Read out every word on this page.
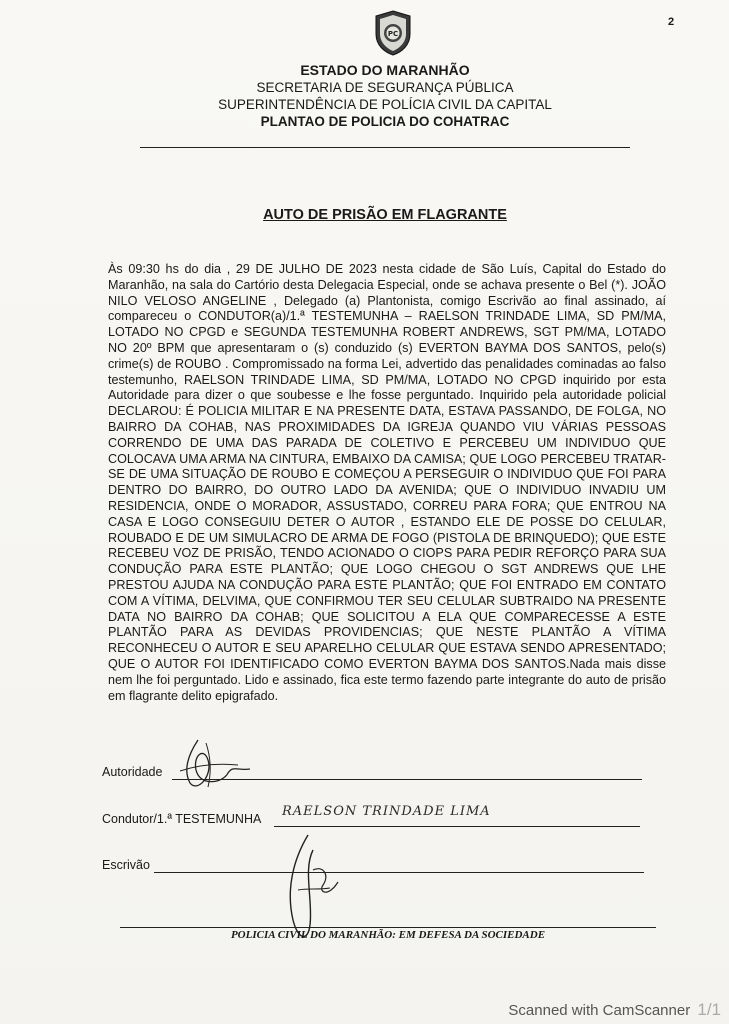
PC
2
ESTADO DO MARANHÃO
SECRETARIA DE SEGURANÇA PÚBLICA
SUPERINTENDÊNCIA DE POLÍCIA CIVIL DA CAPITAL
PLANTAO DE POLICIA DO COHATRAC
AUTO DE PRISÃO EM FLAGRANTE

Às 09:30 hs do dia , 29 DE JULHO DE 2023 nesta cidade de São Luís, Capital do Estado do Maranhão, na sala do Cartório desta Delegacia Especial, onde se achava presente o Bel (*). JOÃO NILO VELOSO ANGELINE , Delegado (a) Plantonista, comigo Escrivão ao final assinado, aí compareceu o CONDUTOR(a)/1.ª TESTEMUNHA – RAELSON TRINDADE LIMA, SD PM/MA, LOTADO NO CPGD e SEGUNDA TESTEMUNHA ROBERT ANDREWS, SGT PM/MA, LOTADO NO 20º BPM que apresentaram o (s) conduzido (s) EVERTON BAYMA DOS SANTOS, pelo(s) crime(s) de ROUBO . Compromissado na forma Lei, advertido das penalidades cominadas ao falso testemunho, RAELSON TRINDADE LIMA, SD PM/MA, LOTADO NO CPGD inquirido por esta Autoridade para dizer o que soubesse e lhe fosse perguntado. Inquirido pela autoridade policial DECLAROU: É POLICIA MILITAR E NA PRESENTE DATA, ESTAVA PASSANDO, DE FOLGA, NO BAIRRO DA COHAB, NAS PROXIMIDADES DA IGREJA QUANDO VIU VÁRIAS PESSOAS CORRENDO DE UMA DAS PARADA DE COLETIVO E PERCEBEU UM INDIVIDUO QUE COLOCAVA UMA ARMA NA CINTURA, EMBAIXO DA CAMISA; QUE LOGO PERCEBEU TRATAR-SE DE UMA SITUAÇÃO DE ROUBO E COMEÇOU A PERSEGUIR O INDIVIDUO QUE FOI PARA DENTRO DO BAIRRO, DO OUTRO LADO DA AVENIDA; QUE O INDIVIDUO INVADIU UM RESIDENCIA, ONDE O MORADOR, ASSUSTADO, CORREU PARA FORA; QUE ENTROU NA CASA E LOGO CONSEGUIU DETER O AUTOR , ESTANDO ELE DE POSSE DO CELULAR, ROUBADO E DE UM SIMULACRO DE ARMA DE FOGO (PISTOLA DE BRINQUEDO); QUE ESTE RECEBEU VOZ DE PRISÃO, TENDO ACIONADO O CIOPS PARA PEDIR REFORÇO PARA SUA CONDUÇÃO PARA ESTE PLANTÃO; QUE LOGO CHEGOU O SGT ANDREWS QUE LHE PRESTOU AJUDA NA CONDUÇÃO PARA ESTE PLANTÃO; QUE FOI ENTRADO EM CONTATO COM A VÍTIMA, DELVIMA, QUE CONFIRMOU TER SEU CELULAR SUBTRAIDO NA PRESENTE DATA NO BAIRRO DA COHAB; QUE SOLICITOU A ELA QUE COMPARECESSE A ESTE PLANTÃO PARA AS DEVIDAS PROVIDENCIAS; QUE NESTE PLANTÃO A VÍTIMA RECONHECEU O AUTOR E SEU APARELHO CELULAR QUE ESTAVA SENDO APRESENTADO; QUE O AUTOR FOI IDENTIFICADO COMO EVERTON BAYMA DOS SANTOS.Nada mais disse nem lhe foi perguntado. Lido e assinado, fica este termo fazendo parte integrante do auto de prisão em flagrante delito epigrafado.

Autoridade
Condutor/1.ª TESTEMUNHA RAELSON TRINDADE LIMA
Escrivão
POLICIA CIVIL DO MARANHÃO: EM DEFESA DA SOCIEDADE
Scanned with CamScanner 1/1
